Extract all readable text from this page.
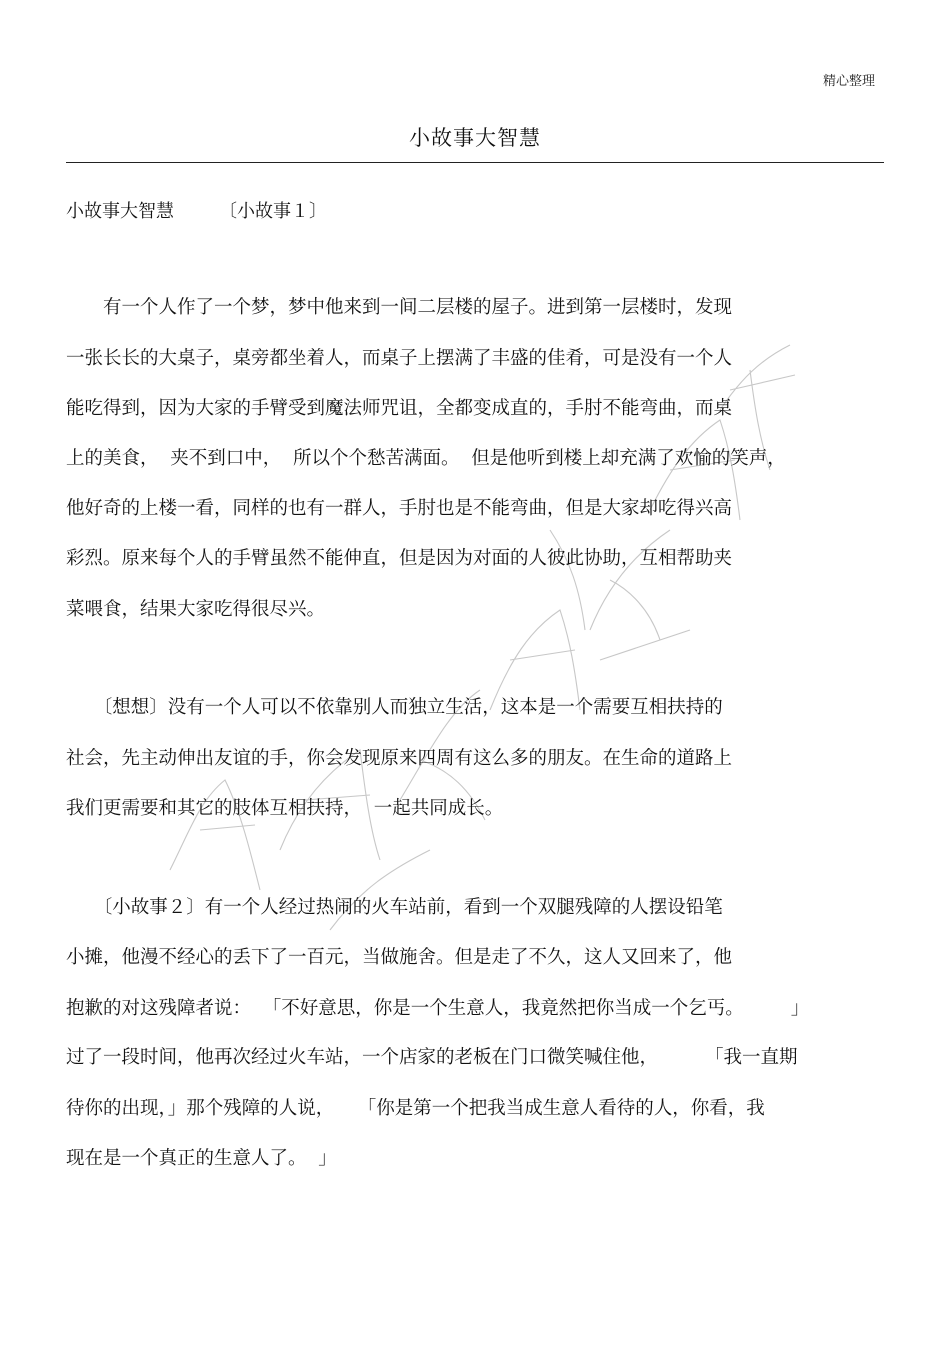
精心整理
小故事大智慧
小故事大智慧　　　〔小故事１〕
　　有一个人作了一个梦，梦中他来到一间二层楼的屋子。进到第一层楼时，发现
一张长长的大桌子，桌旁都坐着人，而桌子上摆满了丰盛的佳肴，可是没有一个人
能吃得到，因为大家的手臂受到魔法师咒诅，全都变成直的，手肘不能弯曲，而桌
上的美食，  夹不到口中，  所以个个愁苦满面。  但是他听到楼上却充满了欢愉的笑声，
他好奇的上楼一看，同样的也有一群人，手肘也是不能弯曲，但是大家却吃得兴高
彩烈。原来每个人的手臂虽然不能伸直，但是因为对面的人彼此协助，互相帮助夹
菜喂食，结果大家吃得很尽兴。
　　〔想想〕没有一个人可以不依靠别人而独立生活，这本是一个需要互相扶持的
社会，先主动伸出友谊的手，你会发现原来四周有这么多的朋友。在生命的道路上
我们更需要和其它的肢体互相扶持，  一起共同成长。
　　〔小故事２〕有一个人经过热闹的火车站前，看到一个双腿残障的人摆设铅笔
小摊，他漫不经心的丢下了一百元，当做施舍。但是走了不久，这人又回来了，他
抱歉的对这残障者说：  「不好意思，你是一个生意人，我竟然把你当成一个乞丐。        」
过了一段时间，他再次经过火车站，一个店家的老板在门口微笑喊住他，        「我一直期
待你的出现，」那个残障的人说，    「你是第一个把我当成生意人看待的人，你看，我
现在是一个真正的生意人了。  」
